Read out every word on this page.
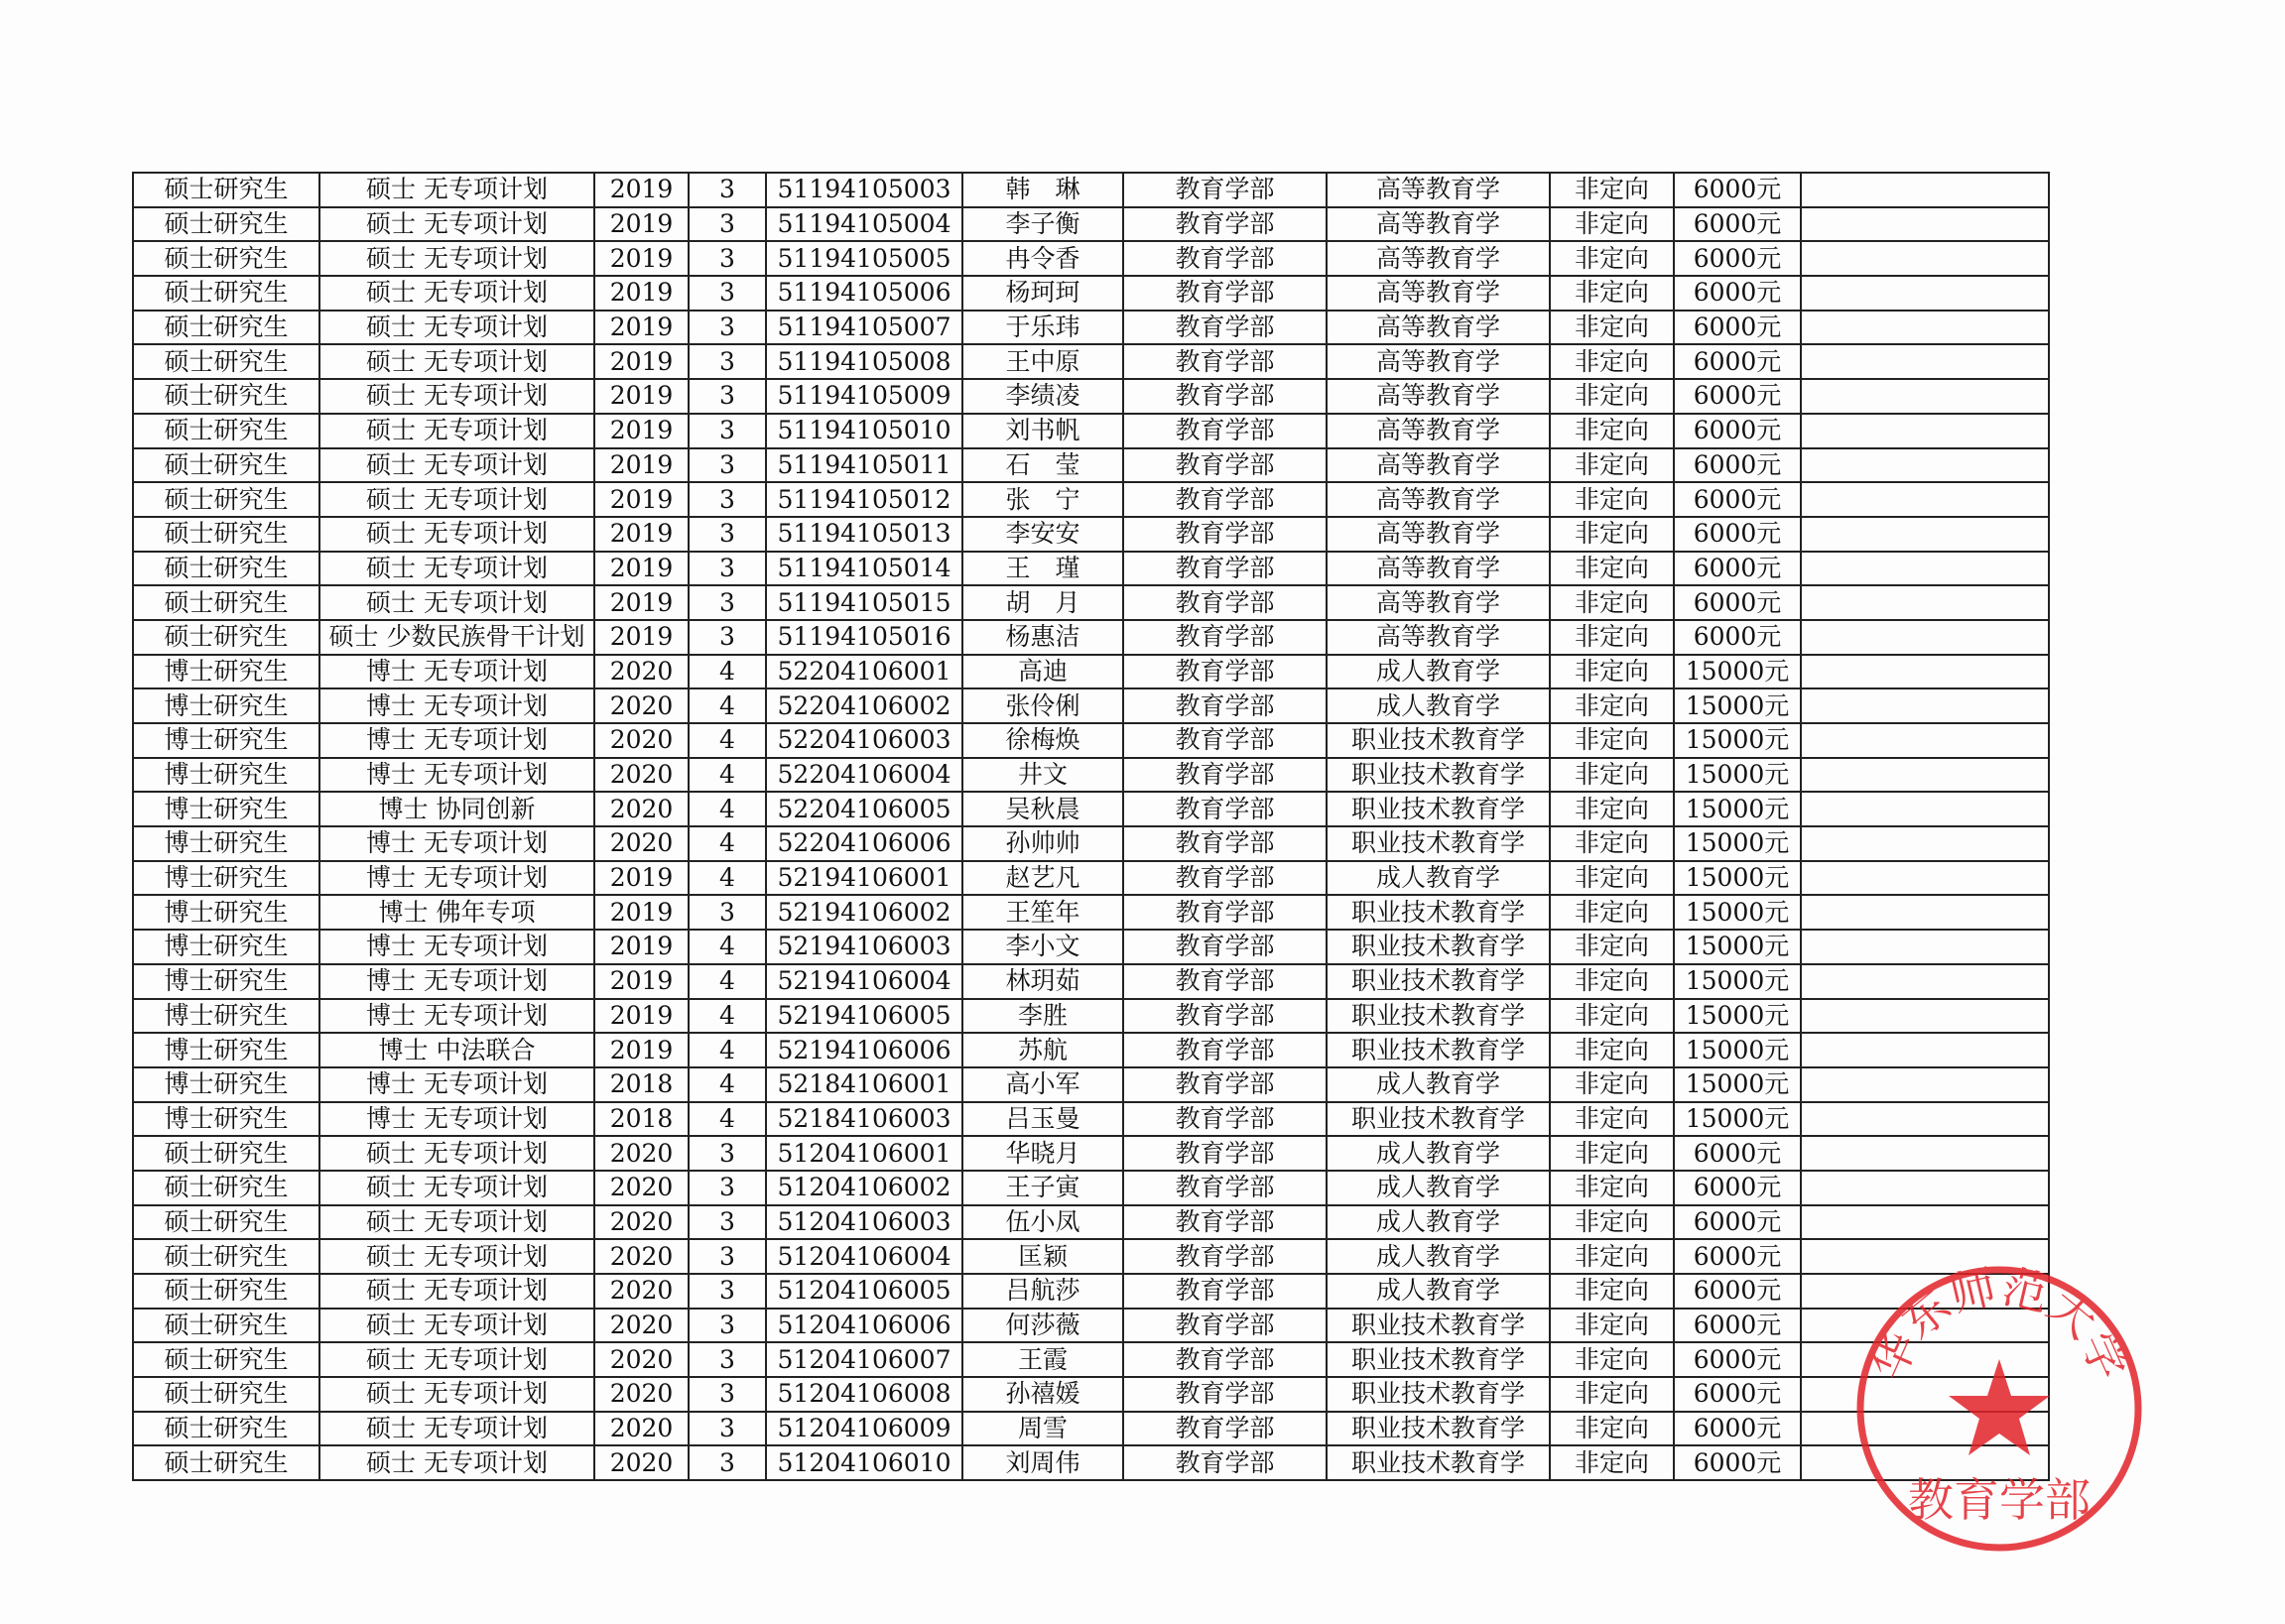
硕士研究生	硕士 无专项计划	2019	3	51194105003	韩　琳	教育学部	高等教育学	非定向	6000元	
硕士研究生	硕士 无专项计划	2019	3	51194105004	李子衡	教育学部	高等教育学	非定向	6000元	
硕士研究生	硕士 无专项计划	2019	3	51194105005	冉令香	教育学部	高等教育学	非定向	6000元	
硕士研究生	硕士 无专项计划	2019	3	51194105006	杨珂珂	教育学部	高等教育学	非定向	6000元	
硕士研究生	硕士 无专项计划	2019	3	51194105007	于乐玮	教育学部	高等教育学	非定向	6000元	
硕士研究生	硕士 无专项计划	2019	3	51194105008	王中原	教育学部	高等教育学	非定向	6000元	
硕士研究生	硕士 无专项计划	2019	3	51194105009	李绩凌	教育学部	高等教育学	非定向	6000元	
硕士研究生	硕士 无专项计划	2019	3	51194105010	刘书帆	教育学部	高等教育学	非定向	6000元	
硕士研究生	硕士 无专项计划	2019	3	51194105011	石　莹	教育学部	高等教育学	非定向	6000元	
硕士研究生	硕士 无专项计划	2019	3	51194105012	张　宁	教育学部	高等教育学	非定向	6000元	
硕士研究生	硕士 无专项计划	2019	3	51194105013	李安安	教育学部	高等教育学	非定向	6000元	
硕士研究生	硕士 无专项计划	2019	3	51194105014	王　瑾	教育学部	高等教育学	非定向	6000元	
硕士研究生	硕士 无专项计划	2019	3	51194105015	胡　月	教育学部	高等教育学	非定向	6000元	
硕士研究生	硕士 少数民族骨干计划	2019	3	51194105016	杨惠洁	教育学部	高等教育学	非定向	6000元	
博士研究生	博士 无专项计划	2020	4	52204106001	高迪	教育学部	成人教育学	非定向	15000元	
博士研究生	博士 无专项计划	2020	4	52204106002	张伶俐	教育学部	成人教育学	非定向	15000元	
博士研究生	博士 无专项计划	2020	4	52204106003	徐梅焕	教育学部	职业技术教育学	非定向	15000元	
博士研究生	博士 无专项计划	2020	4	52204106004	井文	教育学部	职业技术教育学	非定向	15000元	
博士研究生	博士 协同创新	2020	4	52204106005	吴秋晨	教育学部	职业技术教育学	非定向	15000元	
博士研究生	博士 无专项计划	2020	4	52204106006	孙帅帅	教育学部	职业技术教育学	非定向	15000元	
博士研究生	博士 无专项计划	2019	4	52194106001	赵艺凡	教育学部	成人教育学	非定向	15000元	
博士研究生	博士 佛年专项	2019	3	52194106002	王笙年	教育学部	职业技术教育学	非定向	15000元	
博士研究生	博士 无专项计划	2019	4	52194106003	李小文	教育学部	职业技术教育学	非定向	15000元	
博士研究生	博士 无专项计划	2019	4	52194106004	林玥茹	教育学部	职业技术教育学	非定向	15000元	
博士研究生	博士 无专项计划	2019	4	52194106005	李胜	教育学部	职业技术教育学	非定向	15000元	
博士研究生	博士 中法联合	2019	4	52194106006	苏航	教育学部	职业技术教育学	非定向	15000元	
博士研究生	博士 无专项计划	2018	4	52184106001	高小军	教育学部	成人教育学	非定向	15000元	
博士研究生	博士 无专项计划	2018	4	52184106003	吕玉曼	教育学部	职业技术教育学	非定向	15000元	
硕士研究生	硕士 无专项计划	2020	3	51204106001	华晓月	教育学部	成人教育学	非定向	6000元	
硕士研究生	硕士 无专项计划	2020	3	51204106002	王子寅	教育学部	成人教育学	非定向	6000元	
硕士研究生	硕士 无专项计划	2020	3	51204106003	伍小凤	教育学部	成人教育学	非定向	6000元	
硕士研究生	硕士 无专项计划	2020	3	51204106004	匡颖	教育学部	成人教育学	非定向	6000元	
硕士研究生	硕士 无专项计划	2020	3	51204106005	吕航莎	教育学部	成人教育学	非定向	6000元	
硕士研究生	硕士 无专项计划	2020	3	51204106006	何莎薇	教育学部	职业技术教育学	非定向	6000元	
硕士研究生	硕士 无专项计划	2020	3	51204106007	王霞	教育学部	职业技术教育学	非定向	6000元	
硕士研究生	硕士 无专项计划	2020	3	51204106008	孙禧媛	教育学部	职业技术教育学	非定向	6000元	
硕士研究生	硕士 无专项计划	2020	3	51204106009	周雪	教育学部	职业技术教育学	非定向	6000元	
硕士研究生	硕士 无专项计划	2020	3	51204106010	刘周伟	教育学部	职业技术教育学	非定向	6000元	
华东师范大学
教育学部
